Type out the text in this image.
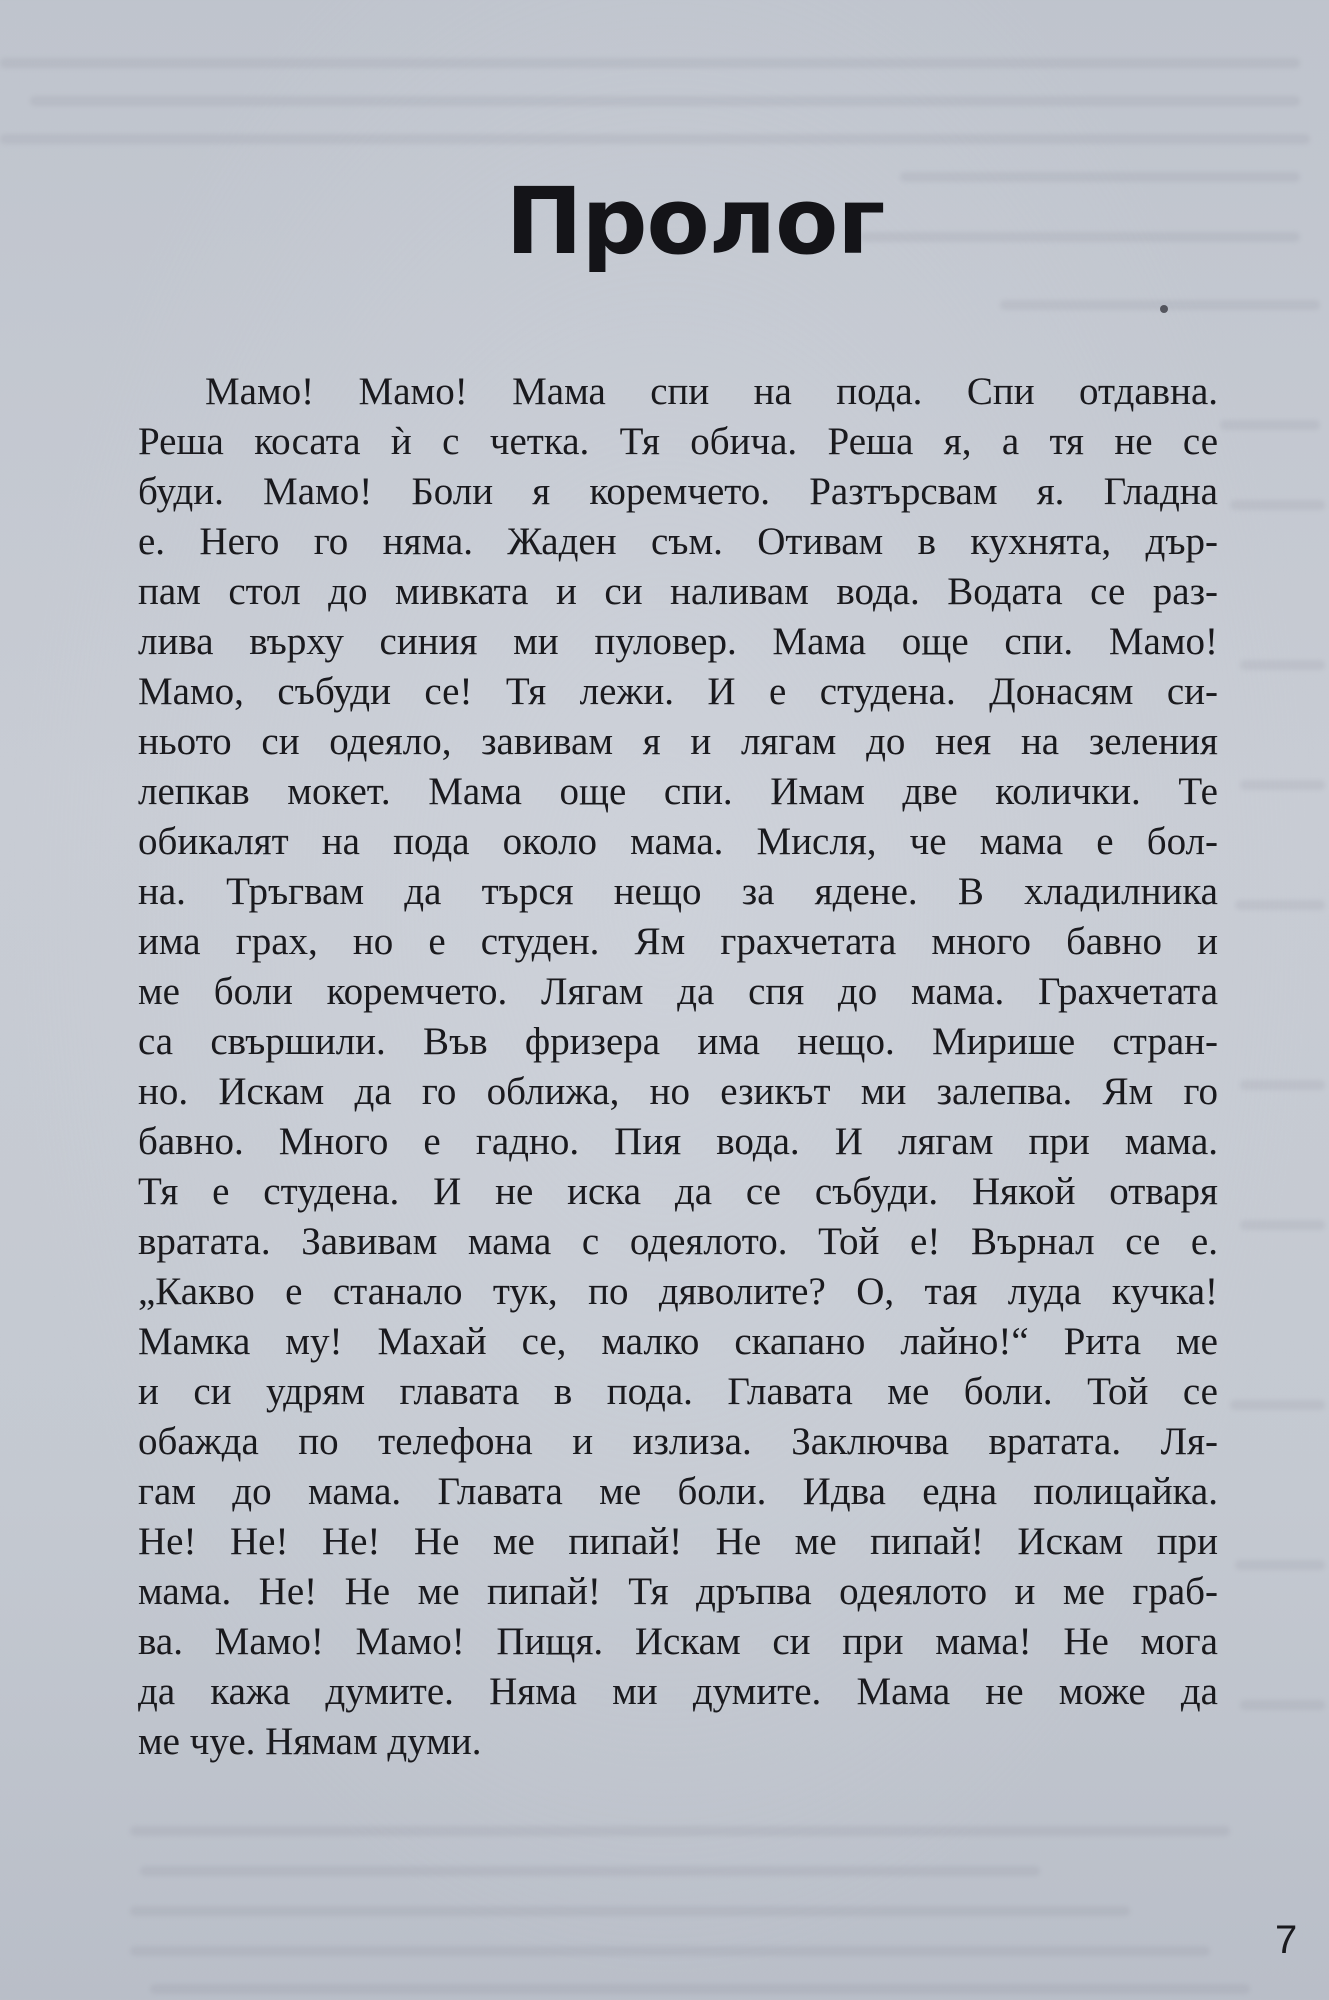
Пролог
Мамо! Мамо! Мама спи на пода. Спи отдавна.
Реша косата ѝ с четка. Тя обича. Реша я, а тя не се
буди. Мамо! Боли я коремчето. Разтърсвам я. Гладна
е. Него го няма. Жаден съм. Отивам в кухнята, дър-
пам стол до мивката и си наливам вода. Водата се раз-
лива върху синия ми пуловер. Мама още спи. Мамо!
Мамо, събуди се! Тя лежи. И е студена. Донасям си-
ньото си одеяло, завивам я и лягам до нея на зеления
лепкав мокет. Мама още спи. Имам две колички. Те
обикалят на пода около мама. Мисля, че мама е бол-
на. Тръгвам да търся нещо за ядене. В хладилника
има грах, но е студен. Ям грахчетата много бавно и
ме боли коремчето. Лягам да спя до мама. Грахчетата
са свършили. Във фризера има нещо. Мирише стран-
но. Искам да го оближа, но езикът ми залепва. Ям го
бавно. Много е гадно. Пия вода. И лягам при мама.
Тя е студена. И не иска да се събуди. Някой отваря
вратата. Завивам мама с одеялото. Той е! Върнал се е.
„Какво е станало тук, по дяволите? О, тая луда кучка!
Мамка му! Махай се, малко скапано лайно!“ Рита ме
и си удрям главата в пода. Главата ме боли. Той се
обажда по телефона и излиза. Заключва вратата. Ля-
гам до мама. Главата ме боли. Идва една полицайка.
Не! Не! Не! Не ме пипай! Не ме пипай! Искам при
мама. Не! Не ме пипай! Тя дръпва одеялото и ме граб-
ва. Мамо! Мамо! Пищя. Искам си при мама! Не мога
да кажа думите. Няма ми думите. Мама не може да
ме чуе. Нямам думи.
7
